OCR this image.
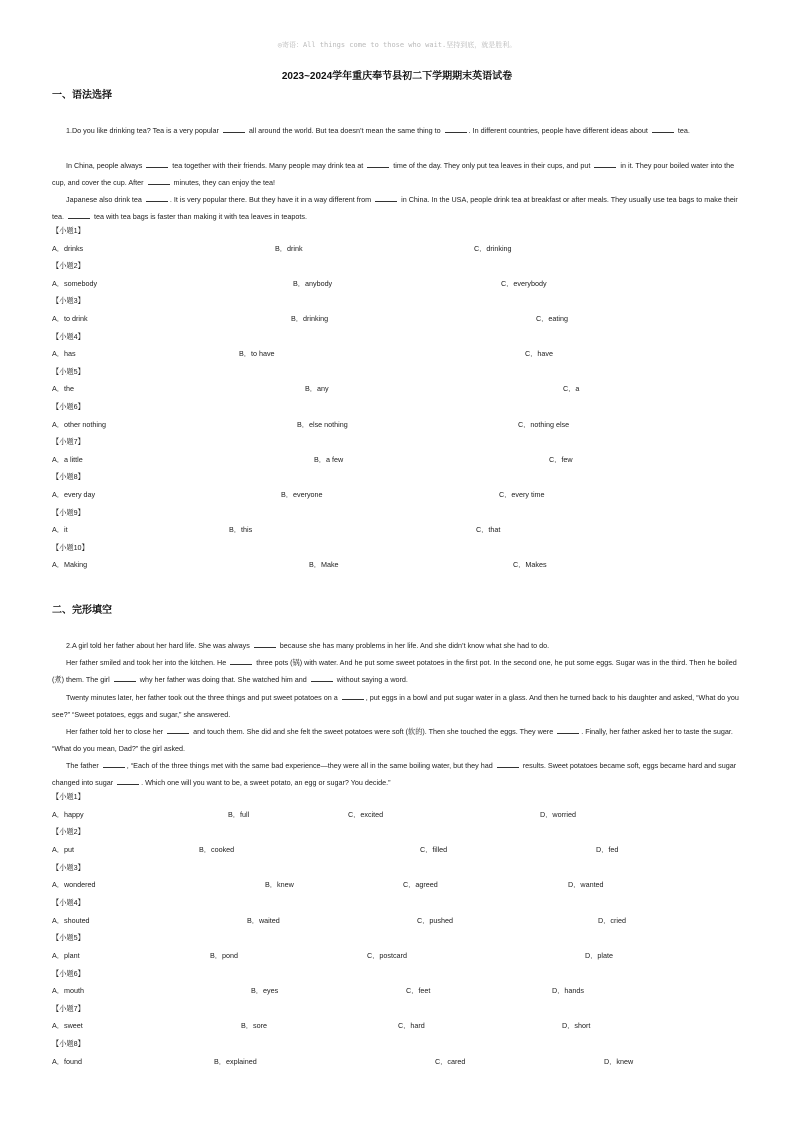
◎寄语：All things come to those who wait.坚持到底，就是胜利。
2023~2024学年重庆奉节县初二下学期期末英语试卷
一、语法选择
1.Do you like drinking tea? Tea is a very popular	all around the world. But tea doesn’t mean the same thing to	. In different countries, people have different ideas about	tea.
In China, people always	tea together with their friends. Many people may drink tea at	time of the day. They only put tea leaves in their cups, and put	in it. They pour boiled water into the cup, and cover the cup. After	minutes, they can enjoy the tea!
Japanese also drink tea	. It is very popular there. But they have it in a way different from	in China. In the USA, people drink tea at breakfast or after meals. They usually use tea bags to make their tea.	tea with tea bags is faster than making it with tea leaves in teapots.
【小题1】
A．drinks	B．drink	C．drinking
【小题2】
A．somebody	B．anybody	C．everybody
【小题3】
A．to drink	B．drinking	C．eating
【小题4】
A．has	B．to have	C．have
【小题5】
A．the	B．any	C．a
【小题6】
A．other nothing	B．else nothing	C．nothing else
【小题7】
A．a little	B．a few	C．few
【小题8】
A．every day	B．everyone	C．every time
【小题9】
A．it	B．this	C．that
【小题10】
A．Making	B．Make	C．Makes
二、完形填空
2.A girl told her father about her hard life. She was always	because she has many problems in her life. And she didn’t know what she had to do.
Her father smiled and took her into the kitchen. He	three pots (锅) with water. And he put some sweet potatoes in the first pot. In the second one, he put some eggs. Sugar was in the third. Then he boiled (煮) them. The girl	why her father was doing that. She watched him and	without saying a word.
Twenty minutes later, her father took out the three things and put sweet potatoes on a	, put eggs in a bowl and put sugar water in a glass. And then he turned back to his daughter and asked, “What do you see?” “Sweet potatoes, eggs and sugar,” she answered.
Her father told her to close her	and touch them. She did and she felt the sweet potatoes were soft (软的). Then she touched the eggs. They were	. Finally, her father asked her to taste the sugar. “What do you mean, Dad?” the girl asked.
The father	, “Each of the three things met with the same bad experience—they were all in the same boiling water, but they had	results. Sweet potatoes became soft, eggs became hard and sugar changed into sugar	. Which one will you want to be, a sweet potato, an egg or sugar? You decide.”
【小题1】
A．happy	B．full	C．excited	D．worried
【小题2】
A．put	B．cooked	C．filled	D．fed
【小题3】
A．wondered	B．knew	C．agreed	D．wanted
【小题4】
A．shouted	B．waited	C．pushed	D．cried
【小题5】
A．plant	B．pond	C．postcard	D．plate
【小题6】
A．mouth	B．eyes	C．feet	D．hands
【小题7】
A．sweet	B．sore	C．hard	D．short
【小题8】
A．found	B．explained	C．cared	D．knew
